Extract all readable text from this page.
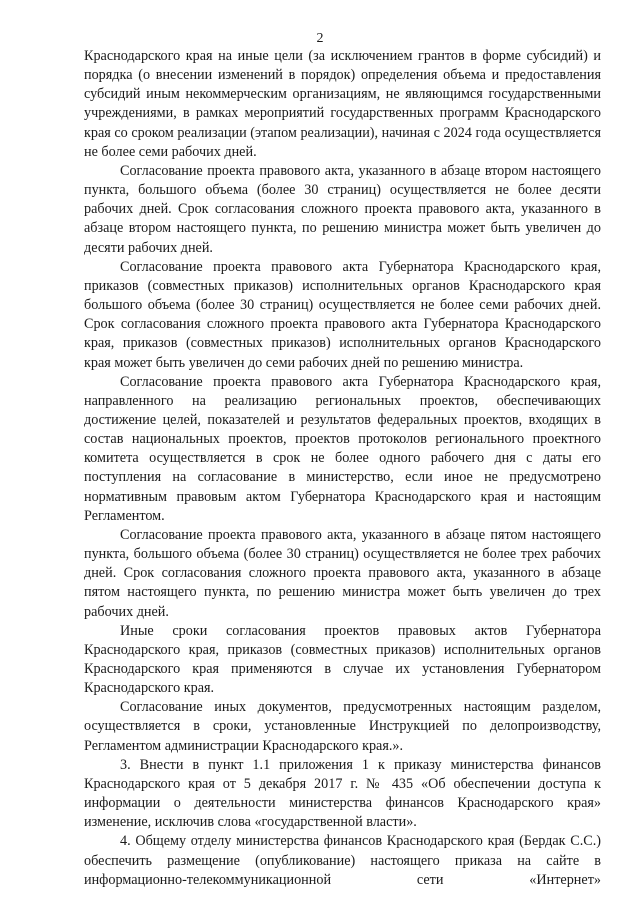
2

Краснодарского края на иные цели (за исключением грантов в форме субсидий) и порядка (о внесении изменений в порядок) определения объема и предоставления субсидий иным некоммерческим организациям, не являющимся государственными учреждениями, в рамках мероприятий государственных программ Краснодарского края со сроком реализации (этапом реализации), начиная с 2024 года осуществляется не более семи рабочих дней.

Согласование проекта правового акта, указанного в абзаце втором настоящего пункта, большого объема (более 30 страниц) осуществляется не более десяти рабочих дней. Срок согласования сложного проекта правового акта, указанного в абзаце втором настоящего пункта, по решению министра может быть увеличен до десяти рабочих дней.

Согласование проекта правового акта Губернатора Краснодарского края, приказов (совместных приказов) исполнительных органов Краснодарского края большого объема (более 30 страниц) осуществляется не более семи рабочих дней. Срок согласования сложного проекта правового акта Губернатора Краснодарского края, приказов (совместных приказов) исполнительных органов Краснодарского края может быть увеличен до семи рабочих дней по решению министра.

Согласование проекта правового акта Губернатора Краснодарского края, направленного на реализацию региональных проектов, обеспечивающих достижение целей, показателей и результатов федеральных проектов, входящих в состав национальных проектов, проектов протоколов регионального проектного комитета осуществляется в срок не более одного рабочего дня с даты его поступления на согласование в министерство, если иное не предусмотрено нормативным правовым актом Губернатора Краснодарского края и настоящим Регламентом.

Согласование проекта правового акта, указанного в абзаце пятом настоящего пункта, большого объема (более 30 страниц) осуществляется не более трех рабочих дней. Срок согласования сложного проекта правового акта, указанного в абзаце пятом настоящего пункта, по решению министра может быть увеличен до трех рабочих дней.

Иные сроки согласования проектов правовых актов Губернатора Краснодарского края, приказов (совместных приказов) исполнительных органов Краснодарского края применяются в случае их установления Губернатором Краснодарского края.

Согласование иных документов, предусмотренных настоящим разделом, осуществляется в сроки, установленные Инструкцией по делопроизводству, Регламентом администрации Краснодарского края.».

3. Внести в пункт 1.1 приложения 1 к приказу министерства финансов Краснодарского края от 5 декабря 2017 г. № 435 «Об обеспечении доступа к информации о деятельности министерства финансов Краснодарского края» изменение, исключив слова «государственной власти».

4. Общему отделу министерства финансов Краснодарского края (Бердак С.С.) обеспечить размещение (опубликование) настоящего приказа на сайте в информационно-телекоммуникационной сети «Интернет»
